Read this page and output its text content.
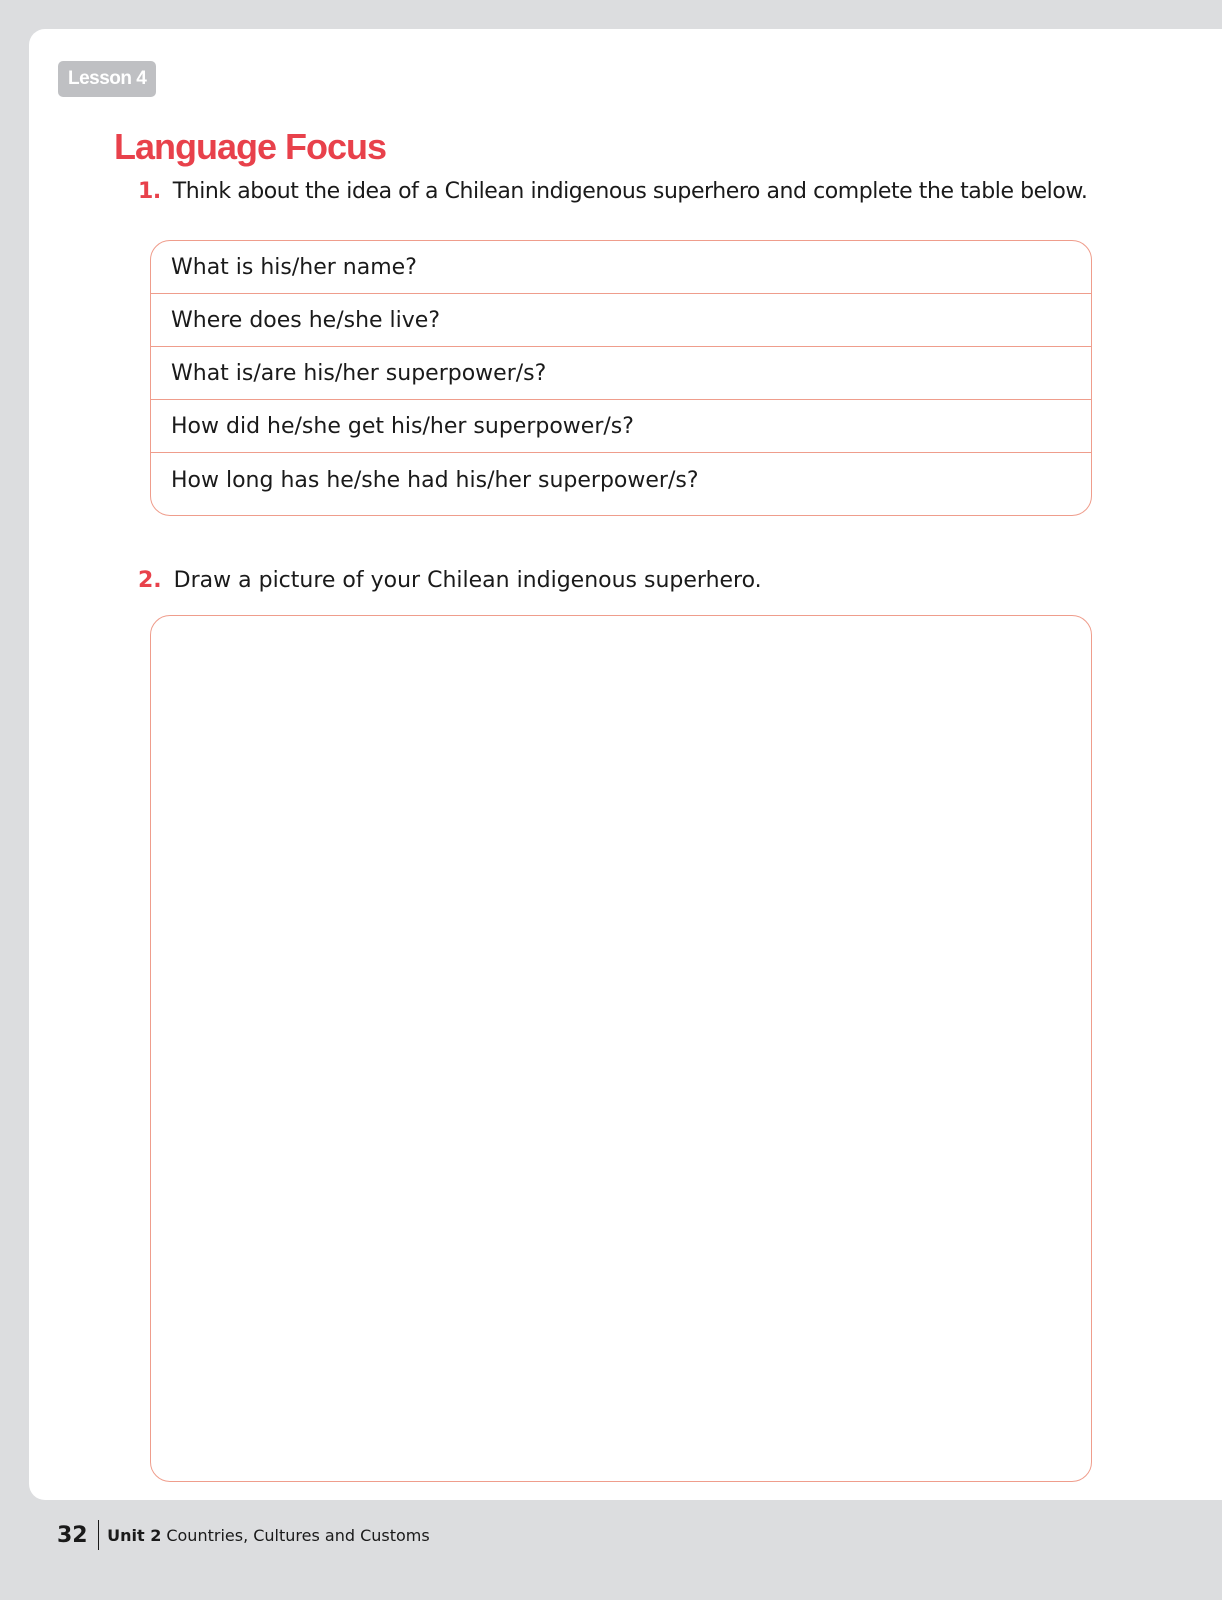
Lesson 4
Language Focus
1. Think about the idea of a Chilean indigenous superhero and complete the table below.
What is his/her name?
Where does he/she live?
What is/are his/her superpower/s?
How did he/she get his/her superpower/s?
How long has he/she had his/her superpower/s?
2. Draw a picture of your Chilean indigenous superhero.
32	Unit 2 Countries, Cultures and Customs
